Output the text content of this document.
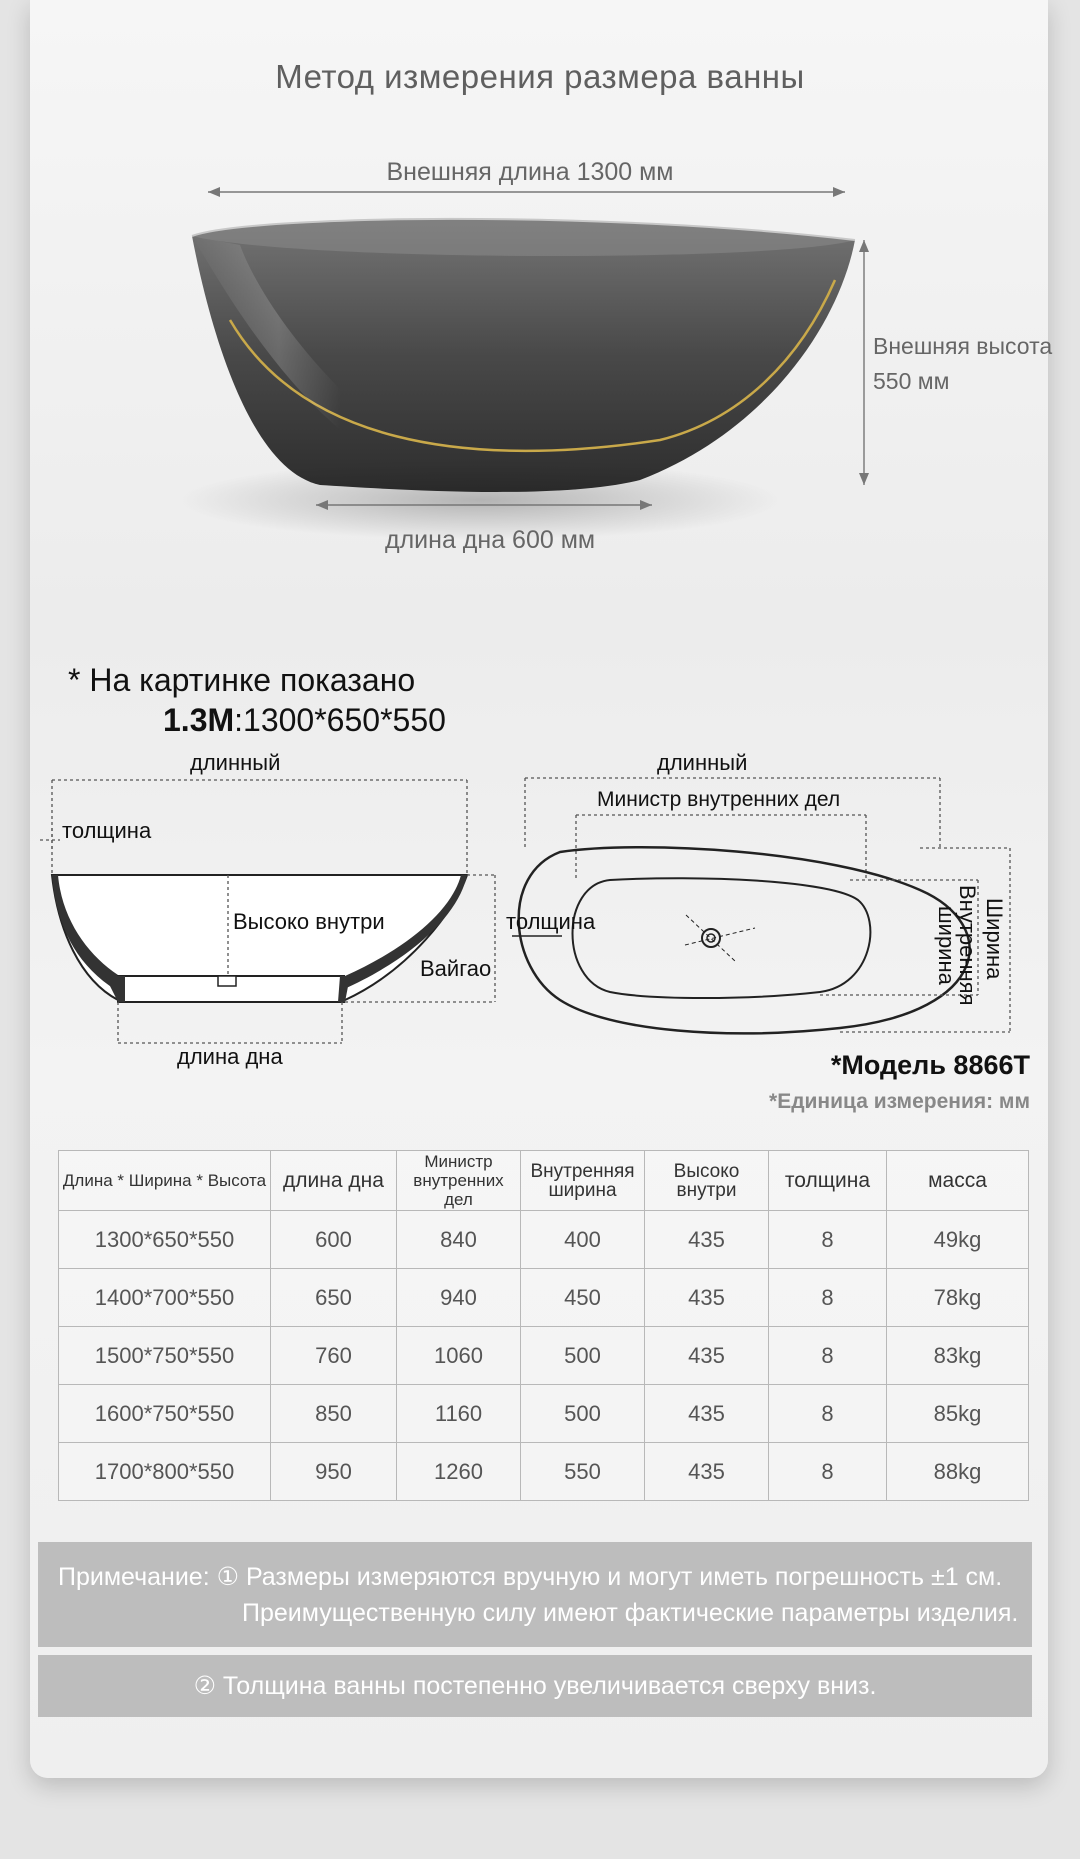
Метод измерения размера ванны
Внешняя длина 1300 мм
Внешняя высота
550 мм
длина дна 600 мм
* На картинке показано
1.3M:1300*650*550
длинный
толщина
Высоко внутри
Вайгао
длина дна
длинный
Министр внутренних дел
толщина	Ширина
Внутренняя
ширина
*Модель 8866T
*Единица измерения: мм
Длина * Ширина * Высота	длина дна	Министр внутренних дел	Внутренняя ширина	Высоко внутри	толщина	масса
1300*650*550	600	840	400	435	8	49kg
1400*700*550	650	940	450	435	8	78kg
1500*750*550	760	1060	500	435	8	83kg
1600*750*550	850	1160	500	435	8	85kg
1700*800*550	950	1260	550	435	8	88kg
Примечание: ① Размеры измеряются вручную и могут иметь погрешность ±1 см.
Преимущественную силу имеют фактические параметры изделия.
② Толщина ванны постепенно увеличивается сверху вниз.
